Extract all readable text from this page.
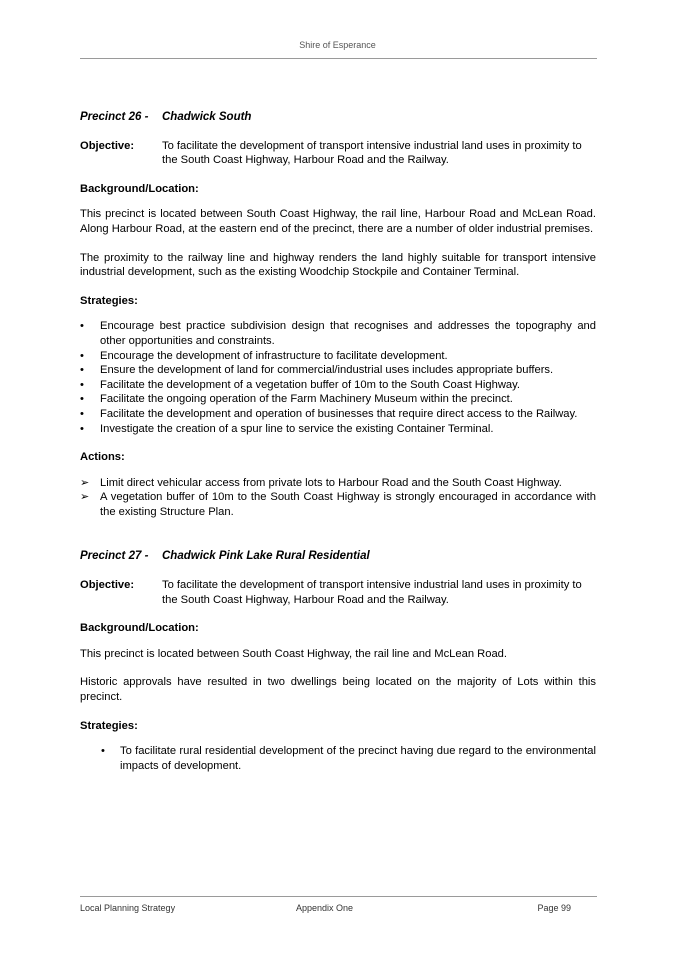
Shire of Esperance
Precinct 26 - Chadwick South
Objective:	To facilitate the development of transport intensive industrial land uses in proximity to the South Coast Highway, Harbour Road and the Railway.
Background/Location:

This precinct is located between South Coast Highway, the rail line, Harbour Road and McLean Road. Along Harbour Road, at the eastern end of the precinct, there are a number of older industrial premises.

The proximity to the railway line and highway renders the land highly suitable for transport intensive industrial development, such as the existing Woodchip Stockpile and Container Terminal.

Strategies:
• Encourage best practice subdivision design that recognises and addresses the topography and other opportunities and constraints.
• Encourage the development of infrastructure to facilitate development.
• Ensure the development of land for commercial/industrial uses includes appropriate buffers.
• Facilitate the development of a vegetation buffer of 10m to the South Coast Highway.
• Facilitate the ongoing operation of the Farm Machinery Museum within the precinct.
• Facilitate the development and operation of businesses that require direct access to the Railway.
• Investigate the creation of a spur line to service the existing Container Terminal.
Actions:
➢ Limit direct vehicular access from private lots to Harbour Road and the South Coast Highway.
➢ A vegetation buffer of 10m to the South Coast Highway is strongly encouraged in accordance with the existing Structure Plan.
Precinct 27 - Chadwick Pink Lake Rural Residential
Objective:	To facilitate the development of transport intensive industrial land uses in proximity to the South Coast Highway, Harbour Road and the Railway.
Background/Location:

This precinct is located between South Coast Highway, the rail line and McLean Road.

Historic approvals have resulted in two dwellings being located on the majority of Lots within this precinct.

Strategies:
• To facilitate rural residential development of the precinct having due regard to the environmental impacts of development.
Local Planning Strategy	Appendix One	Page 99
